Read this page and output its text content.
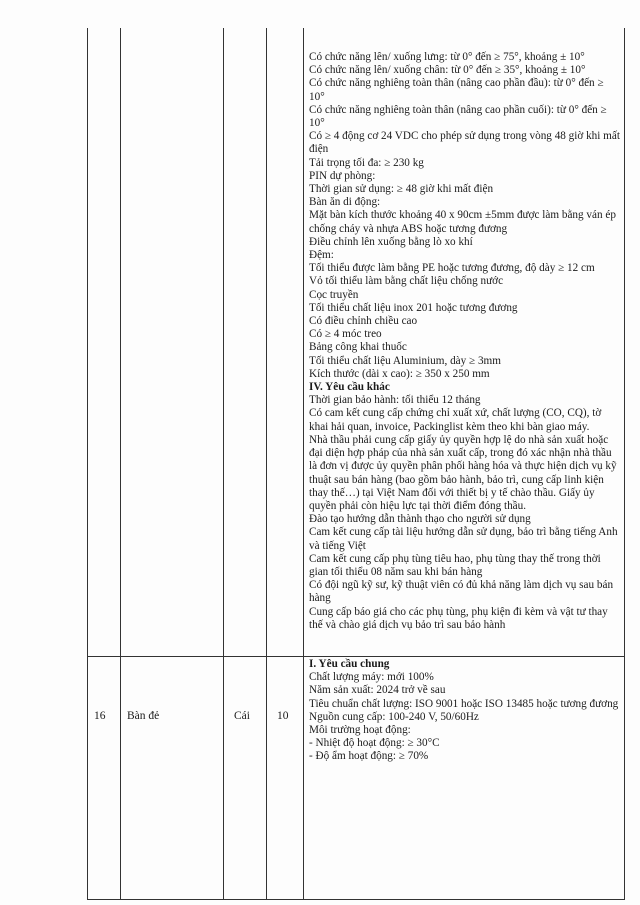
Có chức năng lên/ xuống lưng: từ 0° đến ≥ 75°, khoảng ± 10°
Có chức năng lên/ xuống chân: từ 0° đến ≥ 35°, khoảng ± 10°
Có chức năng nghiêng toàn thân (nâng cao phần đầu): từ 0° đến ≥ 10°
Có chức năng nghiêng toàn thân (nâng cao phần cuối): từ 0° đến ≥ 10°
Có ≥ 4 động cơ 24 VDC cho phép sử dụng trong vòng 48 giờ khi mất điện
Tải trọng tối đa: ≥ 230 kg
PIN dự phòng:
Thời gian sử dụng: ≥ 48 giờ khi mất điện
Bàn ăn di động:
Mặt bàn kích thước khoảng 40 x 90cm ±5mm được làm bằng ván ép chống cháy và nhựa ABS hoặc tương đương
Điều chỉnh lên xuống bằng lò xo khí
Đệm:
Tối thiểu được làm bằng PE hoặc tương đương, độ dày ≥ 12 cm
Vỏ tối thiểu làm bằng chất liệu chống nước
Cọc truyền
Tối thiểu chất liệu inox 201 hoặc tương đương
Có điều chỉnh chiều cao
Có ≥ 4 móc treo
Bảng công khai thuốc
Tối thiểu chất liệu Aluminium, dày ≥ 3mm
Kích thước (dài x cao): ≥ 350 x 250 mm
IV. Yêu cầu khác
Thời gian bảo hành: tối thiểu 12 tháng
Có cam kết cung cấp chứng chỉ xuất xứ, chất lượng (CO, CQ), tờ khai hải quan, invoice, Packinglist kèm theo khi bàn giao máy.
Nhà thầu phải cung cấp giấy ủy quyền hợp lệ do nhà sản xuất hoặc đại diện hợp pháp của nhà sản xuất cấp, trong đó xác nhận nhà thầu là đơn vị được ủy quyền phân phối hàng hóa và thực hiện dịch vụ kỹ thuật sau bán hàng (bao gồm bảo hành, bảo trì, cung cấp linh kiện thay thế…) tại Việt Nam đối với thiết bị y tế chào thầu. Giấy ủy quyền phải còn hiệu lực tại thời điểm đóng thầu.
Đào tạo hướng dẫn thành thạo cho người sử dụng
Cam kết cung cấp tài liệu hướng dẫn sử dụng, bảo trì bằng tiếng Anh và tiếng Việt
Cam kết cung cấp phụ tùng tiêu hao, phụ tùng thay thế trong thời gian tối thiểu 08 năm sau khi bán hàng
Có đội ngũ kỹ sư, kỹ thuật viên có đủ khả năng làm dịch vụ sau bán hàng
Cung cấp báo giá cho các phụ tùng, phụ kiện đi kèm và vật tư thay thế và chào giá dịch vụ bảo trì sau bảo hành
16 Bàn đẻ	Cái 10
I. Yêu cầu chung
Chất lượng máy: mới 100%
Năm sản xuất: 2024 trở về sau
Tiêu chuẩn chất lượng: ISO 9001 hoặc ISO 13485 hoặc tương đương
Nguồn cung cấp: 100-240 V, 50/60Hz
Môi trường hoạt động:
- Nhiệt độ hoạt động: ≥ 30°C
- Độ ẩm hoạt động: ≥ 70%
